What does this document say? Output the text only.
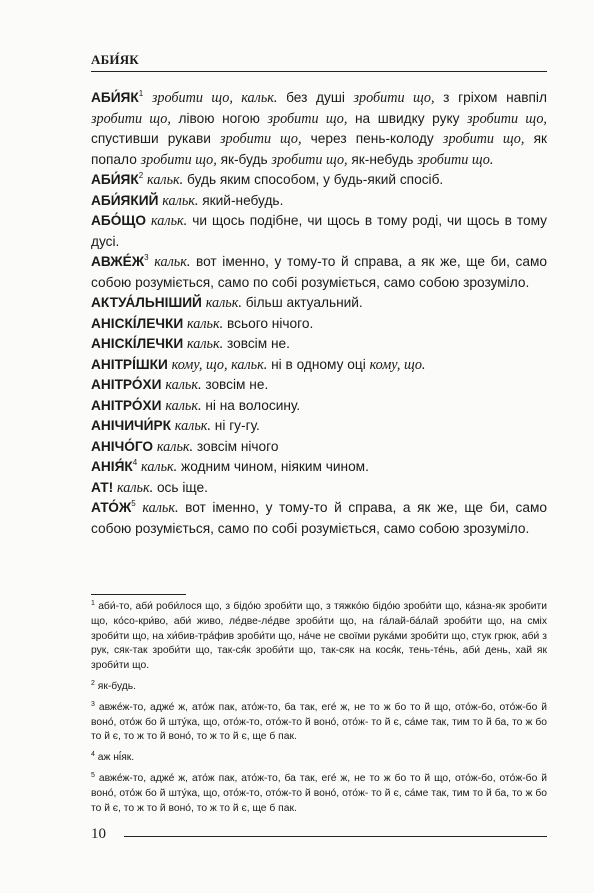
АБИ́ЯК

$АБИ́ЯК^1$ зробити що, кальк. без душі зробити що, з гріхом навпіл зробити що, лівою ногою зробити що, на швидку руку зробити що, спустивши рукави зробити що, через пень-колоду зробити що, як попало зробити що, як-будь зробити що, як-небудь зробити що.

$АБИ́ЯК^2$ кальк. будь яким способом, у будь-який спосіб.

АБИ́ЯКИЙ кальк. який-небудь.

АБО́ЩО кальк. чи щось подібне, чи щось в тому роді, чи щось в тому дусі.

$АВЖЕ́Ж^3$ кальк. вот іменно, у тому-то й справа, а як же, ще би, само собою розуміється, само по собі розуміється, само собою зрозуміло.

АКТУА́ЛЬНІШИЙ кальк. більш актуальний.

АНІСКІ́ЛЕЧКИ кальк. всього нічого.

АНІСКІ́ЛЕЧКИ кальк. зовсім не.

АНІТРІ́ШКИ кому, що, кальк. ні в одному оці кому, що.

АНІТРО́ХИ кальк. зовсім не.

АНІТРО́ХИ кальк. ні на волосину.

АНІЧИЧИ́РК кальк. ні гу-гу.

АНІЧО́ГО кальк. зовсім нічого

$АНІЯ́К^4$ кальк. жодним чином, ніяким чином.

АТ! кальк. ось іще.

$АТО́Ж^5$ кальк. вот іменно, у тому-то й справа, а як же, ще би, само собою розуміється, само по собі розуміється, само собою зрозуміло.

$^1$ аби́-то, аби́ роби́лося що, з бідо́ю зроби́ти що, з тяжко́ю бідо́ю зроби́ти що, ка́зна-як зробити що, ко́со-кри́во, аби́ живо, ле́две-ле́две зроби́ти що, на га́лай-ба́лай зроби́ти що, на сміх зроби́ти що, на хи́бив-тра́фив зроби́ти що, на́че не своїми рука́ми зроби́ти що, стук грюк, аби́ з рук, сяк-так зроби́ти що, так-ся́к зроби́ти що, так-сяк на кося́к, тень-те́нь, аби́ день, хай як зроби́ти що.

$^2$ як-будь.

$^3$ авже́ж-то, адже́ ж, ато́ж пак, ато́ж-то, ба так, еге́ ж, не то ж бо то й що, ото́ж-бо, ото́ж-бо й воно́, ото́ж бо й шту́ка, що, ото́ж-то, ото́ж-то й воно́, ото́ж- то й є, са́ме так, тим то й ба, то ж бо то й є, то ж то й воно́, то ж то й є, ще б пак.

$^4$ аж ні́як.

$^5$ авже́ж-то, адже́ ж, ато́ж пак, ато́ж-то, ба так, еге́ ж, не то ж бо то й що, ото́ж-бо, ото́ж-бо й воно́, ото́ж бо й шту́ка, що, ото́ж-то, ото́ж-то й воно́, ото́ж- то й є, са́ме так, тим то й ба, то ж бо то й є, то ж то й воно́, то ж то й є, ще б пак.

10
